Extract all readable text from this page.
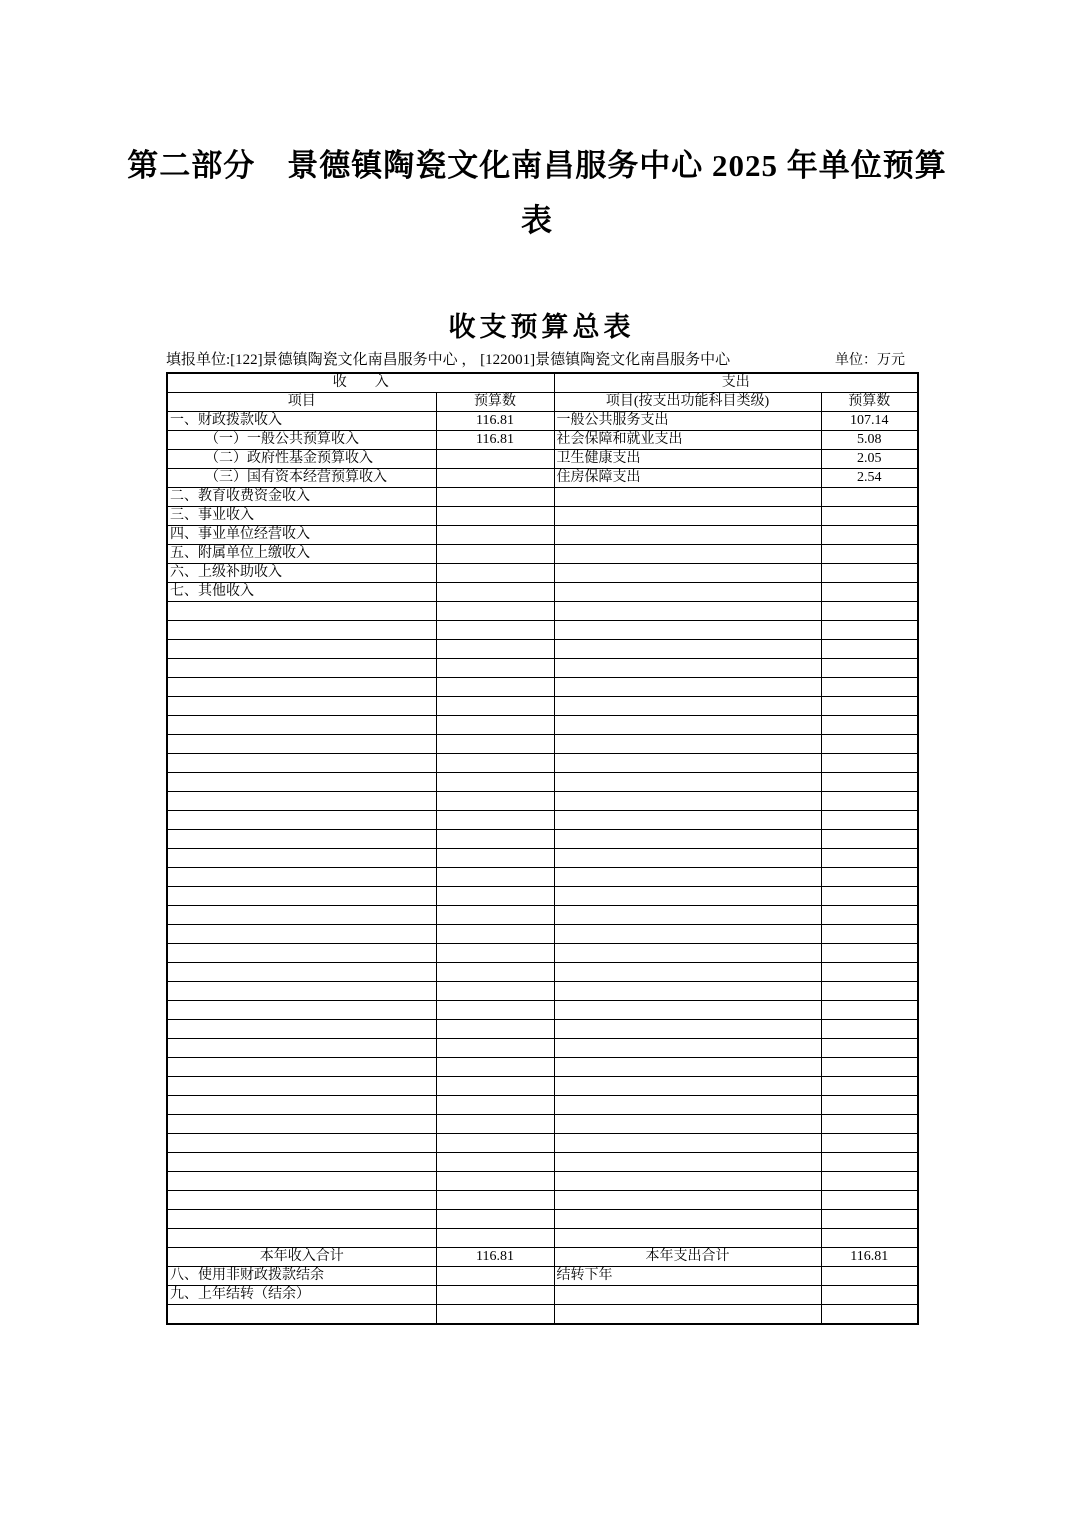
第二部分　景德镇陶瓷文化南昌服务中心 2025 年单位预算
表
收支预算总表
填报单位:[122]景德镇陶瓷文化南昌服务中心 ， [122001]景德镇陶瓷文化南昌服务中心	单位：万元
收　　入		支出	
项目	预算数	项目(按支出功能科目类级)	预算数
一、财政拨款收入	116.81	一般公共服务支出	107.14
（一）一般公共预算收入	116.81	社会保障和就业支出	5.08
（二）政府性基金预算收入		卫生健康支出	2.05
（三）国有资本经营预算收入		住房保障支出	2.54
二、教育收费资金收入			
三、事业收入			
四、事业单位经营收入			
五、附属单位上缴收入			
六、上级补助收入			
七、其他收入			

本年收入合计	116.81	本年支出合计	116.81
八、使用非财政拨款结余		结转下年	
九、上年结转（结余）			
